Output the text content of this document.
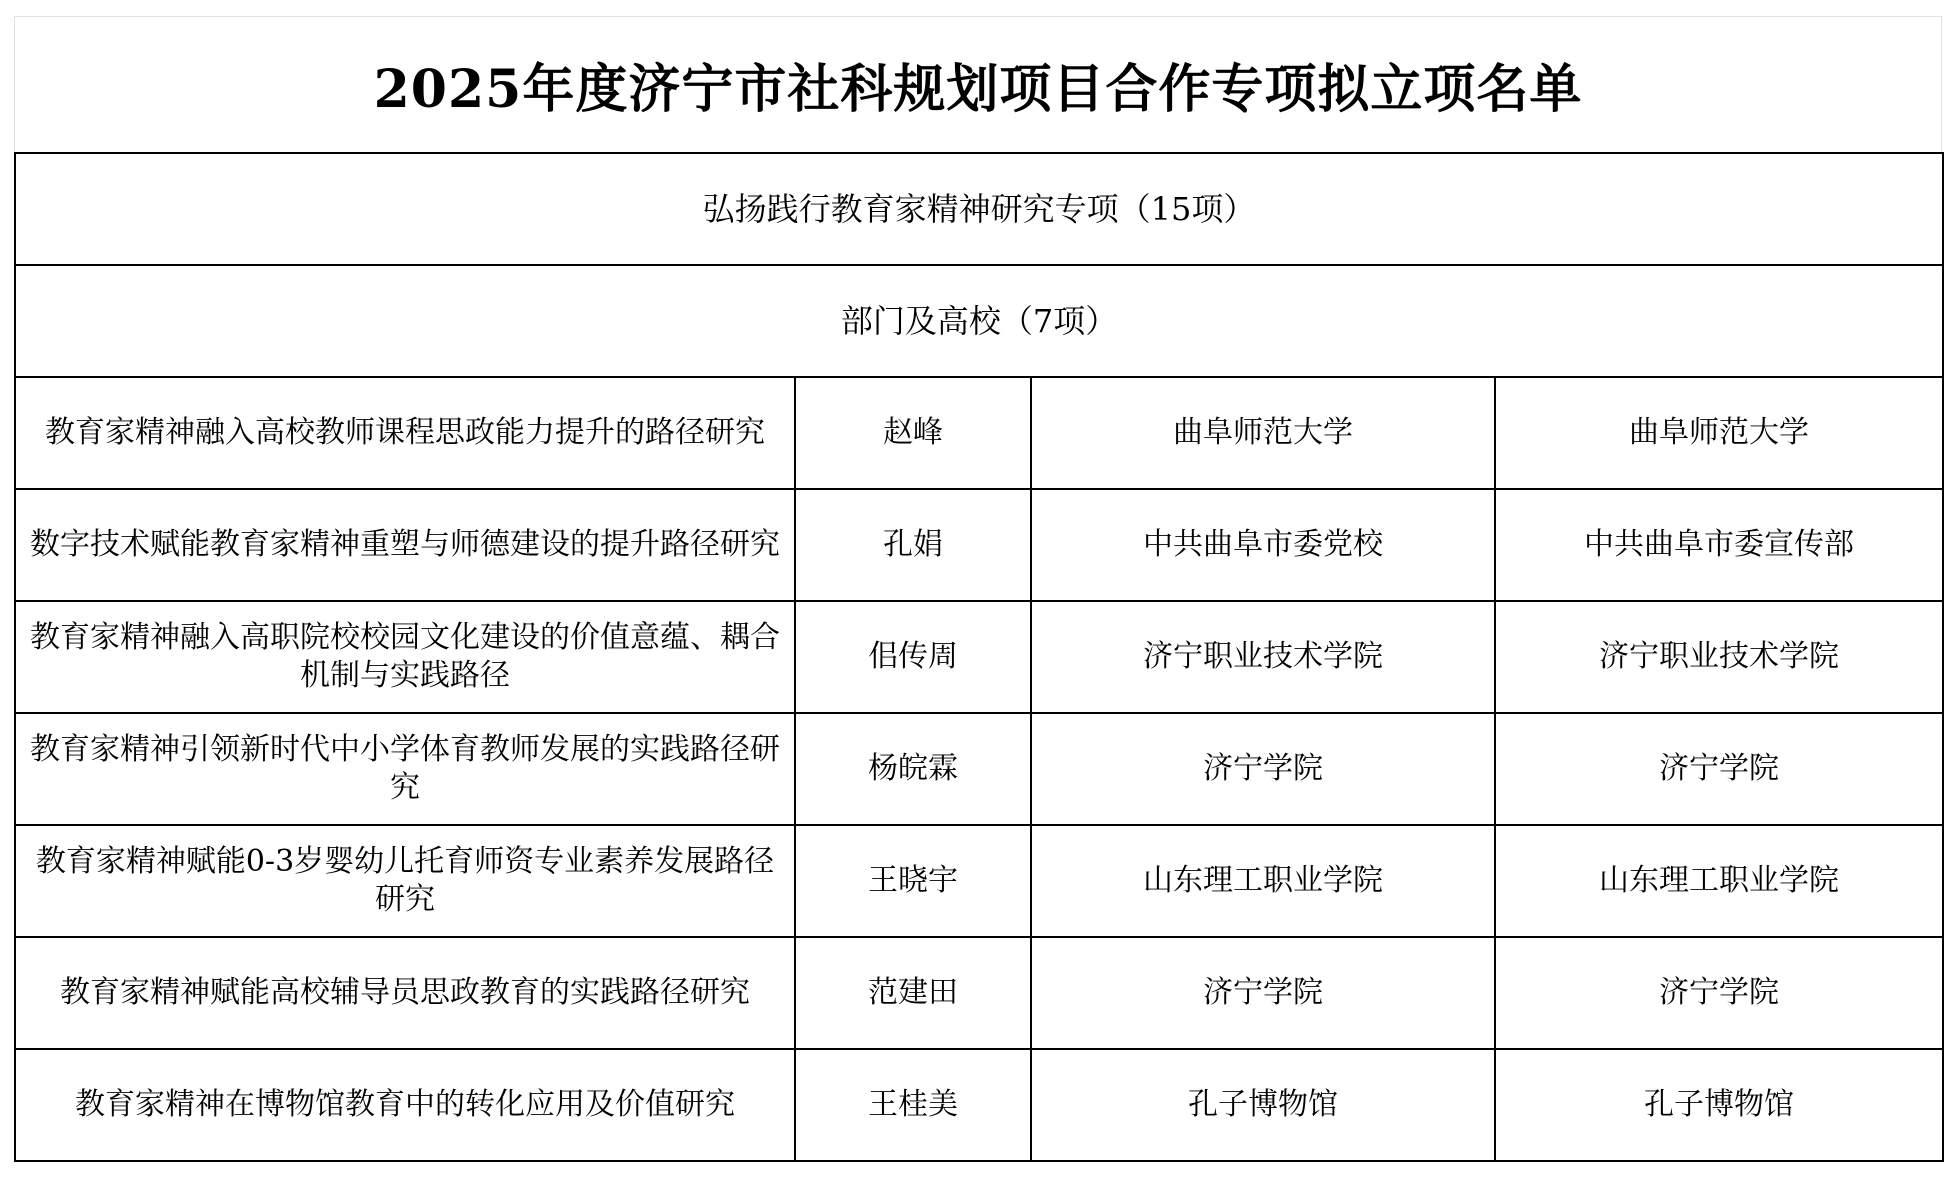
2025年度济宁市社科规划项目合作专项拟立项名单
弘扬践行教育家精神研究专项（15项）			
部门及高校（7项）			
教育家精神融入高校教师课程思政能力提升的路径研究	赵峰	曲阜师范大学	曲阜师范大学
数字技术赋能教育家精神重塑与师德建设的提升路径研究	孔娟	中共曲阜市委党校	中共曲阜市委宣传部
教育家精神融入高职院校校园文化建设的价值意蕴、耦合机制与实践路径	佀传周	济宁职业技术学院	济宁职业技术学院
教育家精神引领新时代中小学体育教师发展的实践路径研究	杨皖霖	济宁学院	济宁学院
教育家精神赋能0-3岁婴幼儿托育师资专业素养发展路径研究	王晓宇	山东理工职业学院	山东理工职业学院
教育家精神赋能高校辅导员思政教育的实践路径研究	范建田	济宁学院	济宁学院
教育家精神在博物馆教育中的转化应用及价值研究	王桂美	孔子博物馆	孔子博物馆
